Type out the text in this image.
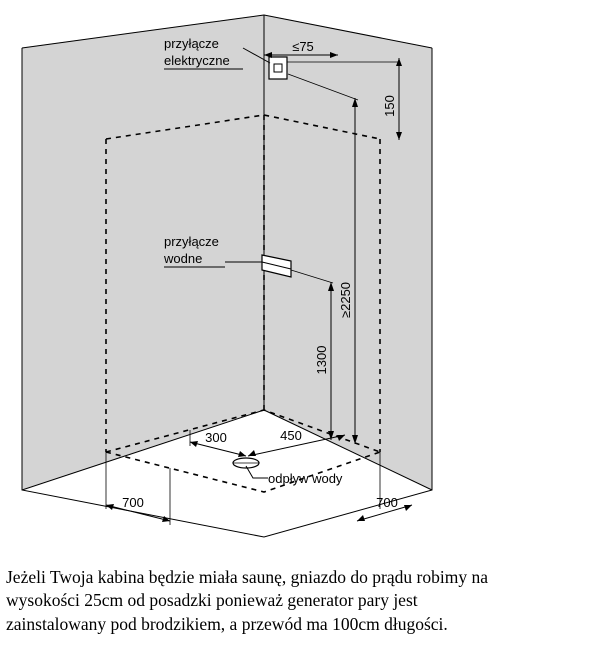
≤75
150
≥2250
1300
300	450
700	700
przyłącze
elektryczne
przyłącze
wodne
odpływ wody
Jeżeli Twoja kabina będzie miała saunę, gniazdo do prądu robimy na
wysokości 25cm od posadzki ponieważ generator pary jest
zainstalowany pod brodzikiem, a przewód ma 100cm długości.
